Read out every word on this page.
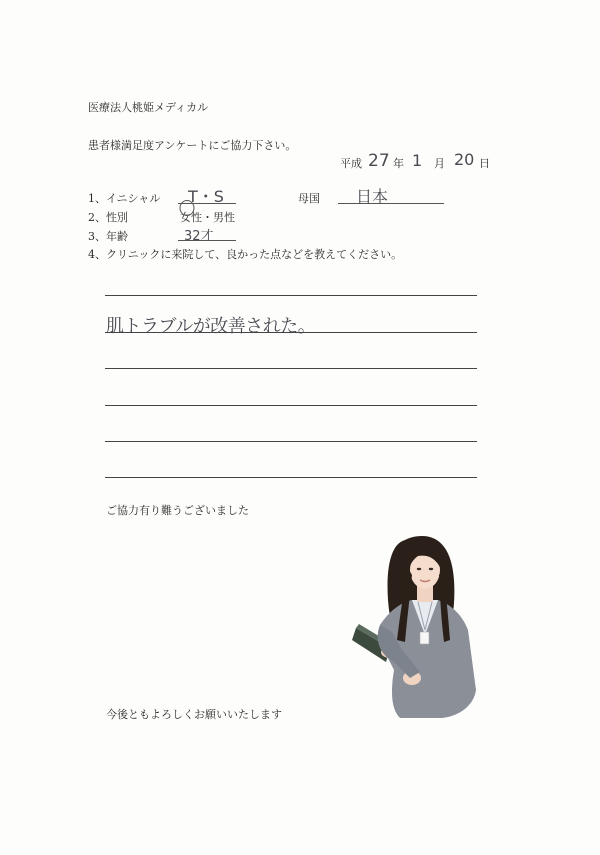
医療法人桃姫メディカル
患者様満足度アンケートにご協力下さい。
平成 27 年 1 月 20 日
1、イニシャル T・S	母国 日本
2、性別	女性・男性
3、年齢	32才
4、クリニックに来院して、良かった点などを教えてください。
肌トラブルが改善された。
ご協力有り難うございました
今後ともよろしくお願いいたします
